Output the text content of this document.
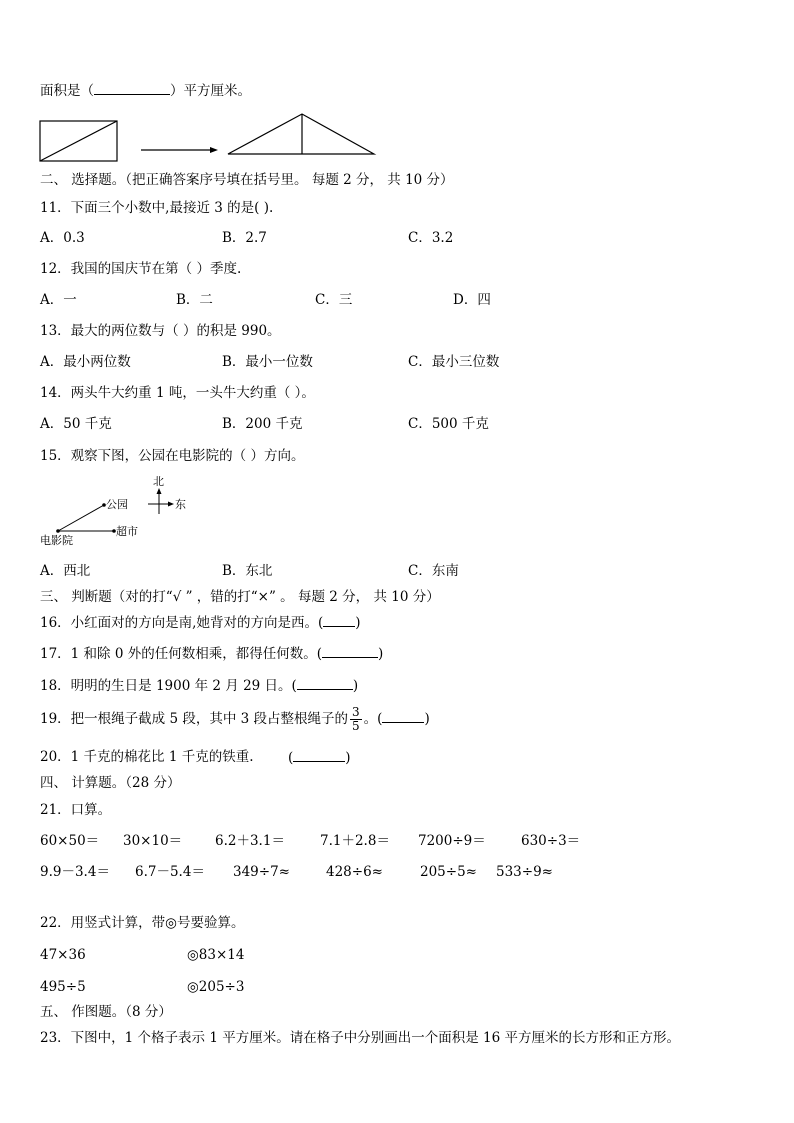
面积是（	）平方厘米。
二、 选择题。（把正确答案序号填在括号里。 每题 2 分， 共 10 分）
11．下面三个小数中,最接近 3 的是( ).
A．0.3	B．2.7	C．3.2
12．我国的国庆节在第（ ）季度.
A．一	B．二	C．三	D．四
13．最大的两位数与（ ）的积是 990。
A．最小两位数	B．最小一位数	C．最小三位数
14．两头牛大约重 1 吨，一头牛大约重（ ）。
A．50 千克	B．200 千克	C．500 千克
15．观察下图，公园在电影院的（ ）方向。
北
东
公园
超市
电影院
A．西北	B．东北	C．东南
三、 判断题（对的打“√ ” ，错的打“×” 。 每题 2 分， 共 10 分）
16．小红面对的方向是南,她背对的方向是西。( )
17．1 和除 0 外的任何数相乘，都得任何数。(	)
18．明明的生日是 1900 年 2 月 29 日。(	)
19．把一根绳子截成 5 段，其中 3 段占整根绳子的 $\frac{3}{5}$ 。(	)
20．1 千克的棉花比 1 千克的铁重.	(	)
四、 计算题。（28 分）
21．口算。
60×50＝ 30×10＝ 6.2＋3.1＝	7.1＋2.8＝ 7200÷9＝	630÷3＝
9.9－3.4＝ 6.7－5.4＝ 349÷7≈	428÷6≈	205÷5≈ 533÷9≈
22．用竖式计算，带◎号要验算。
47×36	◎83×14
495÷5	◎205÷3
五、 作图题。（8 分）
23．下图中，1 个格子表示 1 平方厘米。请在格子中分别画出一个面积是 16 平方厘米的长方形和正方形。
